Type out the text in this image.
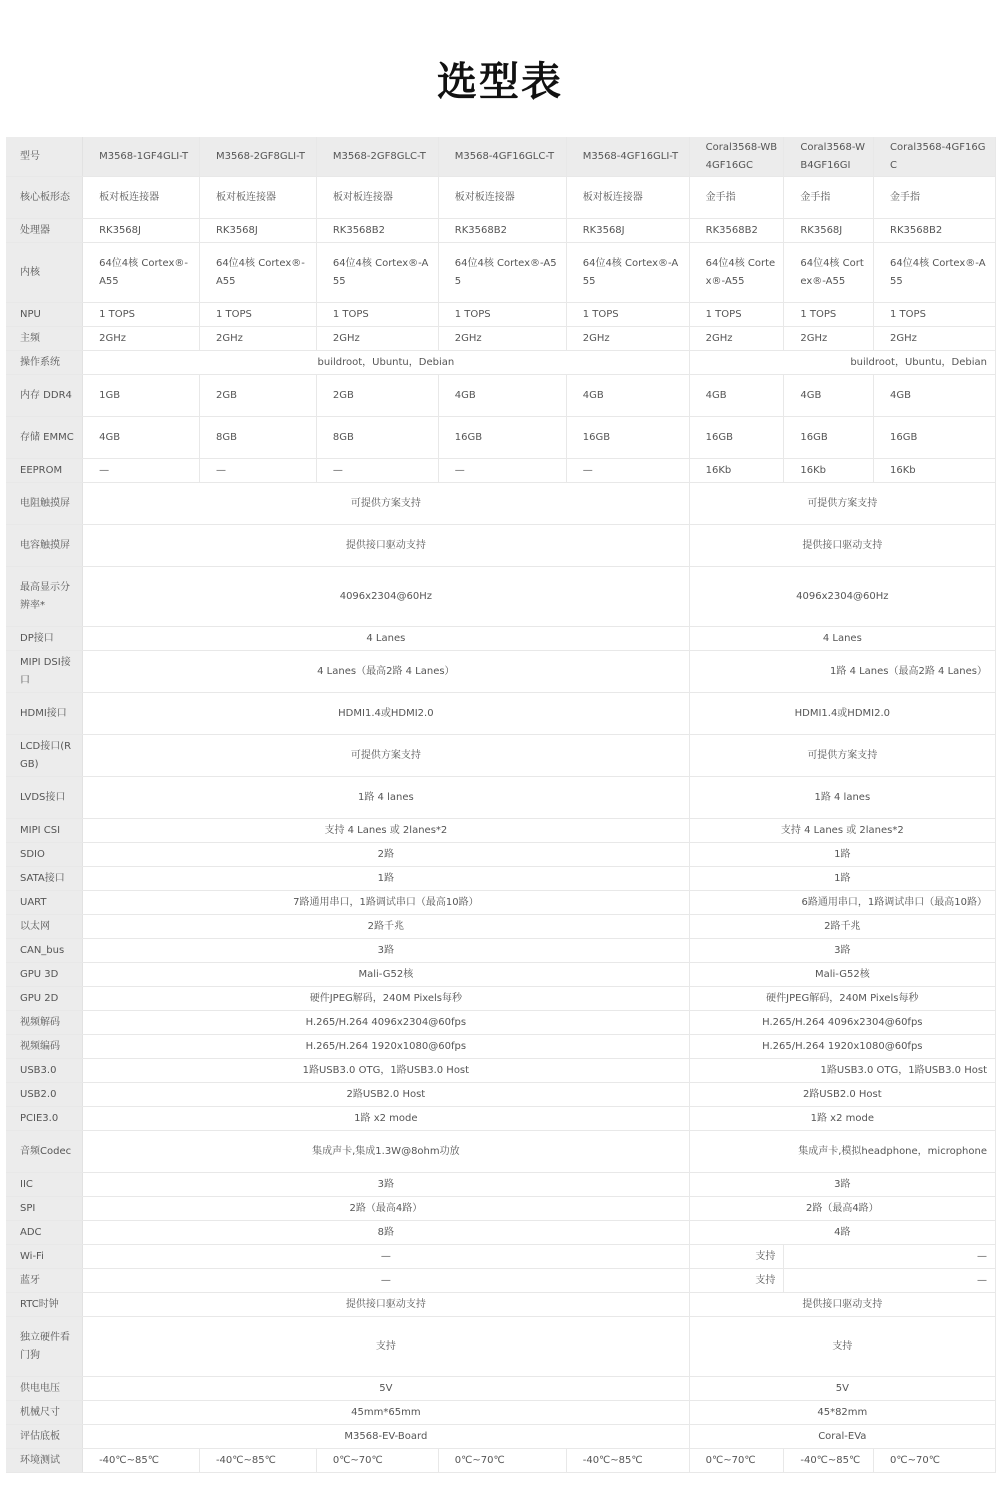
选型表
型号	M3568-1GF4GLI-T	M3568-2GF8GLI-T	M3568-2GF8GLC-T	M3568-4GF16GLC-T	M3568-4GF16GLI-T	Coral3568-WB4GF16GC	Coral3568-WB4GF16GI	Coral3568-4GF16GC
核心板形态	板对板连接器	板对板连接器	板对板连接器	板对板连接器	板对板连接器	金手指	金手指	金手指
处理器	RK3568J	RK3568J	RK3568B2	RK3568B2	RK3568J	RK3568B2	RK3568J	RK3568B2
内核	64位4核 Cortex®-A55	64位4核 Cortex®-A55	64位4核 Cortex®-A55	64位4核 Cortex®-A55	64位4核 Cortex®-A55	64位4核 Cortex®-A55	64位4核 Cortex®-A55	64位4核 Cortex®-A55
NPU	1 TOPS	1 TOPS	1 TOPS	1 TOPS	1 TOPS	1 TOPS	1 TOPS	1 TOPS
主频	2GHz	2GHz	2GHz	2GHz	2GHz	2GHz	2GHz	2GHz
操作系统	buildroot，Ubuntu，Debian					buildroot，Ubuntu，Debian		
内存 DDR4	1GB	2GB	2GB	4GB	4GB	4GB	4GB	4GB
存储 EMMC	4GB	8GB	8GB	16GB	16GB	16GB	16GB	16GB
EEPROM	—	—	—	—	—	16Kb	16Kb	16Kb
电阻触摸屏	可提供方案支持					可提供方案支持		
电容触摸屏	提供接口驱动支持					提供接口驱动支持		
最高显示分辨率*	4096x2304@60Hz					4096x2304@60Hz		
DP接口	4 Lanes					4 Lanes		
MIPI DSI接口	4 Lanes（最高2路 4 Lanes）					1路 4 Lanes（最高2路 4 Lanes）		
HDMI接口	HDMI1.4或HDMI2.0					HDMI1.4或HDMI2.0		
LCD接口(RGB)	可提供方案支持					可提供方案支持		
LVDS接口	1路 4 lanes					1路 4 lanes		
MIPI CSI	支持 4 Lanes 或 2lanes*2					支持 4 Lanes 或 2lanes*2		
SDIO	2路					1路		
SATA接口	1路					1路		
UART	7路通用串口，1路调试串口（最高10路）					6路通用串口，1路调试串口（最高10路）		
以太网	2路千兆					2路千兆		
CAN_bus	3路					3路		
GPU 3D	Mali-G52核					Mali-G52核		
GPU 2D	硬件JPEG解码，240M Pixels每秒					硬件JPEG解码，240M Pixels每秒		
视频解码	H.265/H.264 4096x2304@60fps					H.265/H.264 4096x2304@60fps		
视频编码	H.265/H.264 1920x1080@60fps					H.265/H.264 1920x1080@60fps		
USB3.0	1路USB3.0 OTG，1路USB3.0 Host					1路USB3.0 OTG，1路USB3.0 Host		
USB2.0	2路USB2.0 Host					2路USB2.0 Host		
PCIE3.0	1路 x2 mode					1路 x2 mode		
音频Codec	集成声卡,集成1.3W@8ohm功放					集成声卡,模拟headphone，microphone		
IIC	3路					3路		
SPI	2路（最高4路）					2路（最高4路）		
ADC	8路					4路		
Wi-Fi	—					支持	—	
蓝牙	—					支持	—	
RTC时钟	提供接口驱动支持					提供接口驱动支持		
独立硬件看门狗	支持					支持		
供电电压	5V					5V		
机械尺寸	45mm*65mm					45*82mm		
评估底板	M3568-EV-Board					Coral-EVa		
环境测试	-40℃~85℃	-40℃~85℃	0℃~70℃	0℃~70℃	-40℃~85℃	0℃~70℃	-40℃~85℃	0℃~70℃
